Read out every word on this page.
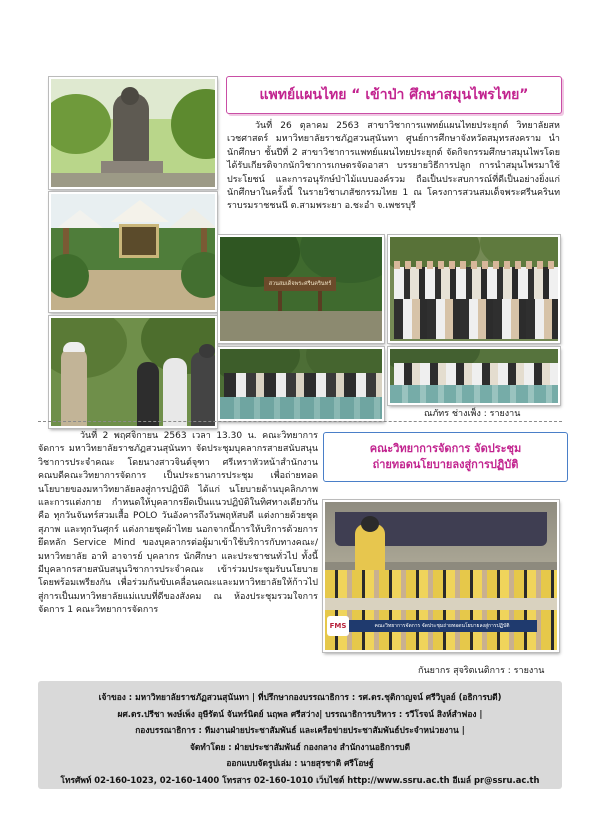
สวนสมเด็จพระศรีนครินทร์
แพทย์แผนไทย “ เข้าป่า ศึกษาสมุนไพรไทย”

วันที่ 26 ตุลาคม 2563 สาขาวิชาการแพทย์แผนไทยประยุกต์ วิทยาลัยสหเวชศาสตร์ มหาวิทยาลัยราชภัฏสวนสุนันทา ศูนย์การศึกษาจังหวัดสมุทรสงคราม นำนักศึกษา ชั้นปีที่ 2 สาขาวิชาการแพทย์แผนไทยประยุกต์ จัดกิจกรรมศึกษาสมุนไพรโดยได้รับเกียรติจากนักวิชาการเกษตรจัดอาสา บรรยายวิธีการปลูก การนำสมุนไพรมาใช้ประโยชน์ และการอนุรักษ์ป่าไม้แบบองค์รวม ถือเป็นประสบการณ์ที่ดีเป็นอย่างยิ่งแก่นักศึกษาในครั้งนี้ ในรายวิชาเภสัชกรรมไทย 1 ณ โครงการสวนสมเด็จพระศรีนครินทราบรมราชชนนี ต.สามพระยา อ.ชะอำ จ.เพชรบุรี

ณภัทร ช่างเพ็ง : รายงาน

วันที่ 2 พฤศจิกายน 2563 เวลา 13.30 น. คณะวิทยาการจัดการ มหาวิทยาลัยราชภัฏสวนสุนันทา จัดประชุมบุคลากรสายสนับสนุนวิชาการประจำคณะ โดยนางสาวจินต์จุฑา ศรีเหราหัวหน้าสำนักงานคณบดีคณะวิทยาการจัดการ เป็นประธานการประชุม เพื่อถ่ายทอดนโยบายของมหาวิทยาลัยลงสู่การปฏิบัติ ได้แก่ นโยบายด้านบุคลิกภาพและการแต่งกาย กำหนดให้บุคลากรยึดเป็นแนวปฏิบัติในทิศทางเดียวกัน คือ ทุกวันจันทร์สวมเสื้อ POLO วันอังคารถึงวันพฤหัสบดี แต่งกายด้วยชุดสุภาพ และทุกวันศุกร์ แต่งกายชุดผ้าไทย นอกจากนี้การให้บริการด้วยการยึดหลัก Service Mind ของบุคลากรต่อผู้มาเข้าใช้บริการกับทางคณะ/มหาวิทยาลัย อาทิ อาจารย์ บุคลากร นักศึกษา และประชาชนทั่วไป ทั้งนี้ มีบุคลากรสายสนับสนุนวิชาการประจำคณะ เข้าร่วมประชุมรับนโยบายโดยพร้อมเพรียงกัน เพื่อร่วมกันขับเคลื่อนคณะและมหาวิทยาลัยให้ก้าวไปสู่การเป็นมหาวิทยาลัยแม่แบบที่ดีของสังคม ณ ห้องประชุมรวมใจการจัดการ 1 คณะวิทยาการจัดการ

คณะวิทยาการจัดการ จัดประชุม
ถ่ายทอดนโยบายลงสู่การปฏิบัติ
คณะวิทยาการจัดการ จัดประชุมถ่ายทอดนโยบายลงสู่การปฏิบัติ
FMS
กันยากร สุจริตเนติการ : รายงาน
เจ้าของ : มหาวิทยาลัยราชภัฏสวนสุนันทา | ที่ปรึกษากองบรรณาธิการ : รศ.ดร.ชุติกาญจน์ ศรีวิบูลย์ (อธิการบดี)
ผศ.ดร.ปรีชา พงษ์เพ็ง อุษีรัตน์ จันทร์นิตย์ นฤพล ศรีสว่าง| บรรณาธิการบริหาร : รวีโรจน์ สิงห์สำฟอง |
กองบรรณาธิการ : ทีมงานฝ่ายประชาสัมพันธ์ และเครือข่ายประชาสัมพันธ์ประจำหน่วยงาน |
จัดทำโดย : ฝ่ายประชาสัมพันธ์ กองกลาง สำนักงานอธิการบดี
ออกแบบจัดรูปเล่ม : นายสุรชาติ ศรีโอษฐ์
โทรศัพท์ 02-160-1023, 02-160-1400 โทรสาร 02-160-1010 เว็บไซต์ http://www.ssru.ac.th อีเมล์ pr@ssru.ac.th
